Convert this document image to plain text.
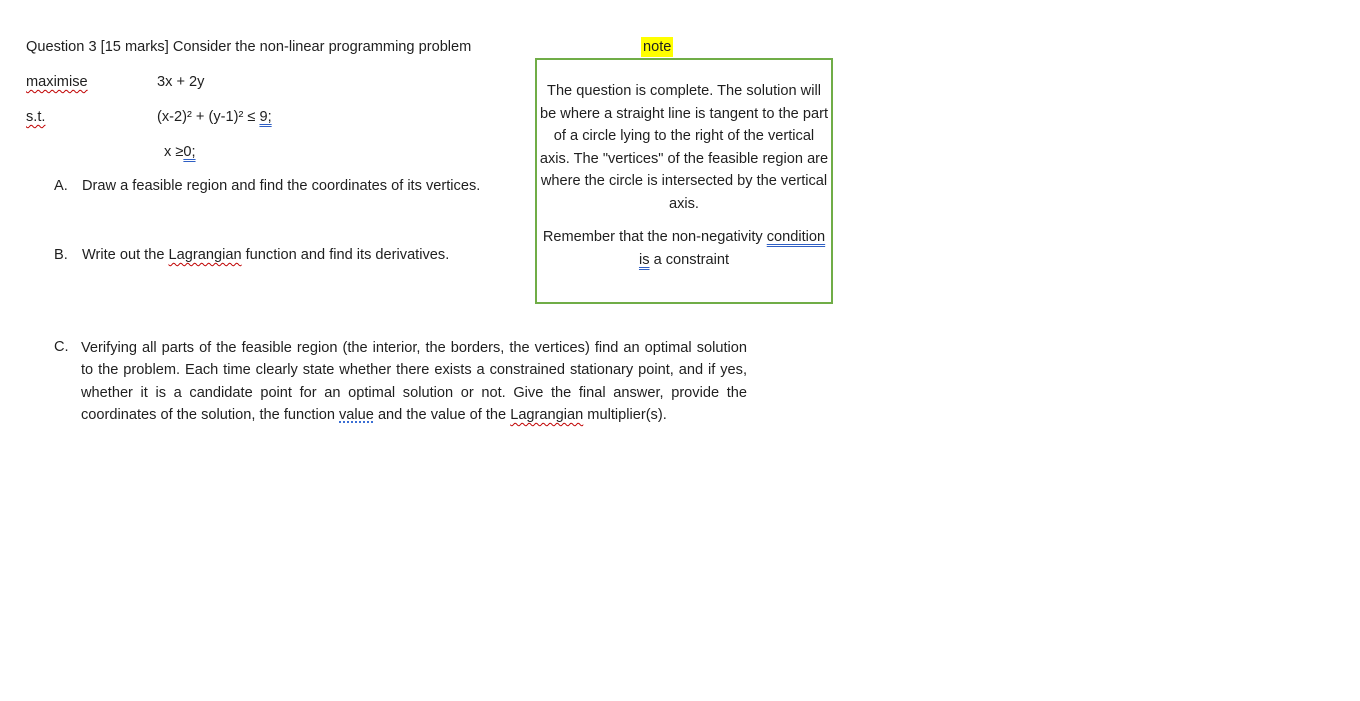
Question 3 [15 marks] Consider the non-linear programming problem
maximise	3x + 2y
s.t.	(x-2)² + (y-1)² ≤ 9;
x ≥0;
A. Draw a feasible region and find the coordinates of its vertices.
B. Write out the Lagrangian function and find its derivatives.
note
The question is complete. The solution will be where a straight line is tangent to the part of a circle lying to the right of the vertical axis. The "vertices" of the feasible region are where the circle is intersected by the vertical axis.
Remember that the non-negativity condition is a constraint
C. Verifying all parts of the feasible region (the interior, the borders, the vertices) find an optimal solution to the problem. Each time clearly state whether there exists a constrained stationary point, and if yes, whether it is a candidate point for an optimal solution or not. Give the final answer, provide the coordinates of the solution, the function value and the value of the Lagrangian multiplier(s).
